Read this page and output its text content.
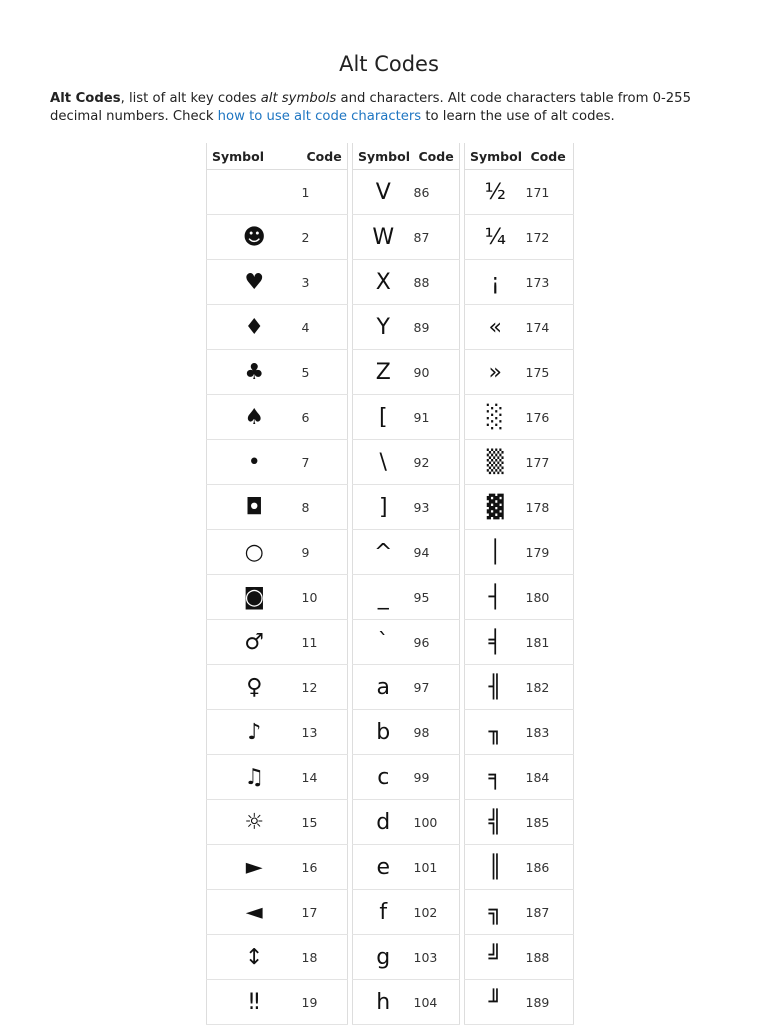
Alt Codes
Alt Codes, list of alt key codes alt symbols and characters. Alt code characters table from 0-255 decimal numbers. Check how to use alt code characters to learn the use of alt codes.
Symbol	Code
	1
☻	2
♥	3
♦	4
♣	5
♠	6
•	7
◘	8
○	9
◙	10
♂	11
♀	12
♪	13
♫	14
☼	15
►	16
◄	17
↕	18
‼	19
Symbol	Code
V	86
W	87
X	88
Y	89
Z	90
[	91
\	92
]	93
^	94
_	95
`	96
a	97
b	98
c	99
d	100
e	101
f	102
g	103
h	104
Symbol	Code
½	171
¼	172
¡	173
«	174
»	175
░	176
▒	177
▓	178
│	179
┤	180
╡	181
╢	182
╖	183
╕	184
╣	185
║	186
╗	187
╝	188
╜	189
